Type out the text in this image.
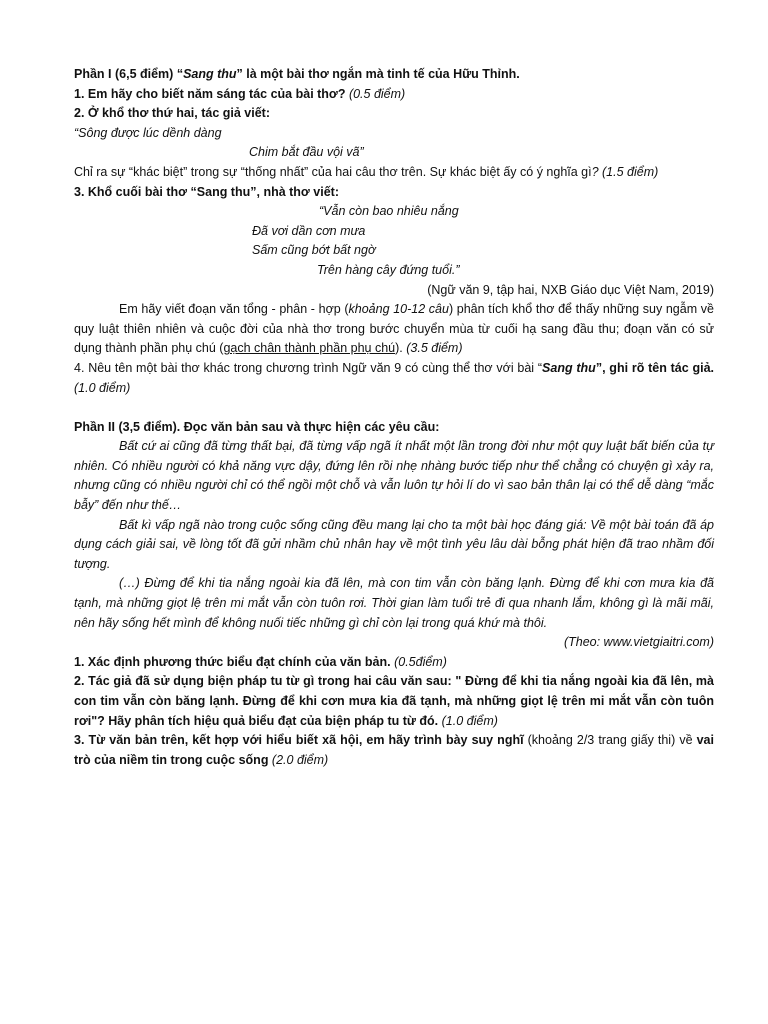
Phần I (6,5 điểm) “Sang thu” là một bài thơ ngắn mà tinh tế của Hữu Thỉnh.
1. Em hãy cho biết năm sáng tác của bài thơ? (0.5 điểm)
2. Ở khổ thơ thứ hai, tác giả viết:
“Sông được lúc dềnh dàng
Chim bắt đầu vội vã”
Chỉ ra sự “khác biệt” trong sự “thống nhất” của hai câu thơ trên. Sự khác biệt ấy có ý nghĩa gì? (1.5 điểm)
3. Khổ cuối bài thơ “Sang thu”, nhà thơ viết:
“Vẫn còn bao nhiêu nắng
Đã vơi dần cơn mưa
Sấm cũng bớt bất ngờ
Trên hàng cây đứng tuổi.”
(Ngữ văn 9, tập hai, NXB Giáo dục Việt Nam, 2019)
Em hãy viết đoạn văn tổng - phân - hợp (khoảng 10-12 câu) phân tích khổ thơ để thấy những suy ngẫm về quy luật thiên nhiên và cuộc đời của nhà thơ trong bước chuyển mùa từ cuối hạ sang đầu thu; đoạn văn có sử dụng thành phần phụ chú (gạch chân thành phần phụ chú). (3.5 điểm)
4. Nêu tên một bài thơ khác trong chương trình Ngữ văn 9 có cùng thể thơ với bài “Sang thu”, ghi rõ tên tác giả. (1.0 điểm)
Phần II (3,5 điểm). Đọc văn bản sau và thực hiện các yêu cầu:
Bất cứ ai cũng đã từng thất bại, đã từng vấp ngã ít nhất một lần trong đời như một quy luật bất biến của tự nhiên. Có nhiều người có khả năng vực dậy, đứng lên rồi nhẹ nhàng bước tiếp như thể chẳng có chuyện gì xảy ra, nhưng cũng có nhiều người chỉ có thể ngồi một chỗ và vẫn luôn tự hỏi lí do vì sao bản thân lại có thể dễ dàng “mắc bẫy” đến như thế…
Bất kì vấp ngã nào trong cuộc sống cũng đều mang lại cho ta một bài học đáng giá: Về một bài toán đã áp dụng cách giải sai, về lòng tốt đã gửi nhầm chủ nhân hay về một tình yêu lâu dài bỗng phát hiện đã trao nhầm đối tượng.
(…) Đừng để khi tia nắng ngoài kia đã lên, mà con tim vẫn còn băng lạnh. Đừng để khi cơn mưa kia đã tạnh, mà những giọt lệ trên mi mắt vẫn còn tuôn rơi. Thời gian làm tuổi trẻ đi qua nhanh lắm, không gì là mãi mãi, nên hãy sống hết mình để không nuối tiếc những gì chỉ còn lại trong quá khứ mà thôi.
(Theo: www.vietgiaitri.com)
1. Xác định phương thức biểu đạt chính của văn bản. (0.5điểm)
2. Tác giả đã sử dụng biện pháp tu từ gì trong hai câu văn sau: " Đừng để khi tia nắng ngoài kia đã lên, mà con tim vẫn còn băng lạnh. Đừng để khi cơn mưa kia đã tạnh, mà những giọt lệ trên mi mắt vẫn còn tuôn rơi"? Hãy phân tích hiệu quả biểu đạt của biện pháp tu từ đó. (1.0 điểm)
3. Từ văn bản trên, kết hợp với hiểu biết xã hội, em hãy trình bày suy nghĩ (khoảng 2/3 trang giấy thi) về vai trò của niềm tin trong cuộc sống (2.0 điểm)
